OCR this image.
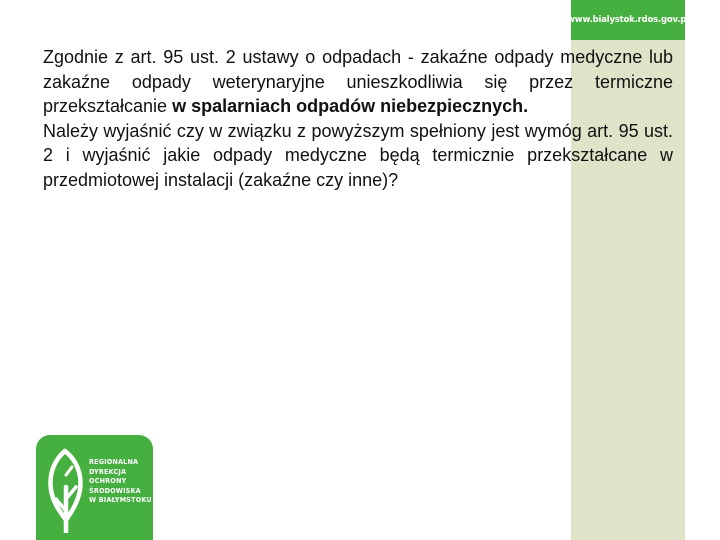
www.bialystok.rdos.gov.pl

Zgodnie z art. 95 ust. 2 ustawy o odpadach - zakaźne odpady medyczne lub zakaźne odpady weterynaryjne unieszkodliwia się przez termiczne przekształcanie w spalarniach odpadów niebezpiecznych.

Należy wyjaśnić czy w związku z powyższym spełniony jest wymóg art. 95 ust. 2 i wyjaśnić jakie odpady medyczne będą termicznie przekształcane w przedmiotowej instalacji (zakaźne czy inne)?

REGIONALNA
DYREKCJA
OCHRONY
ŚRODOWISKA
W BIAŁYMSTOKU
